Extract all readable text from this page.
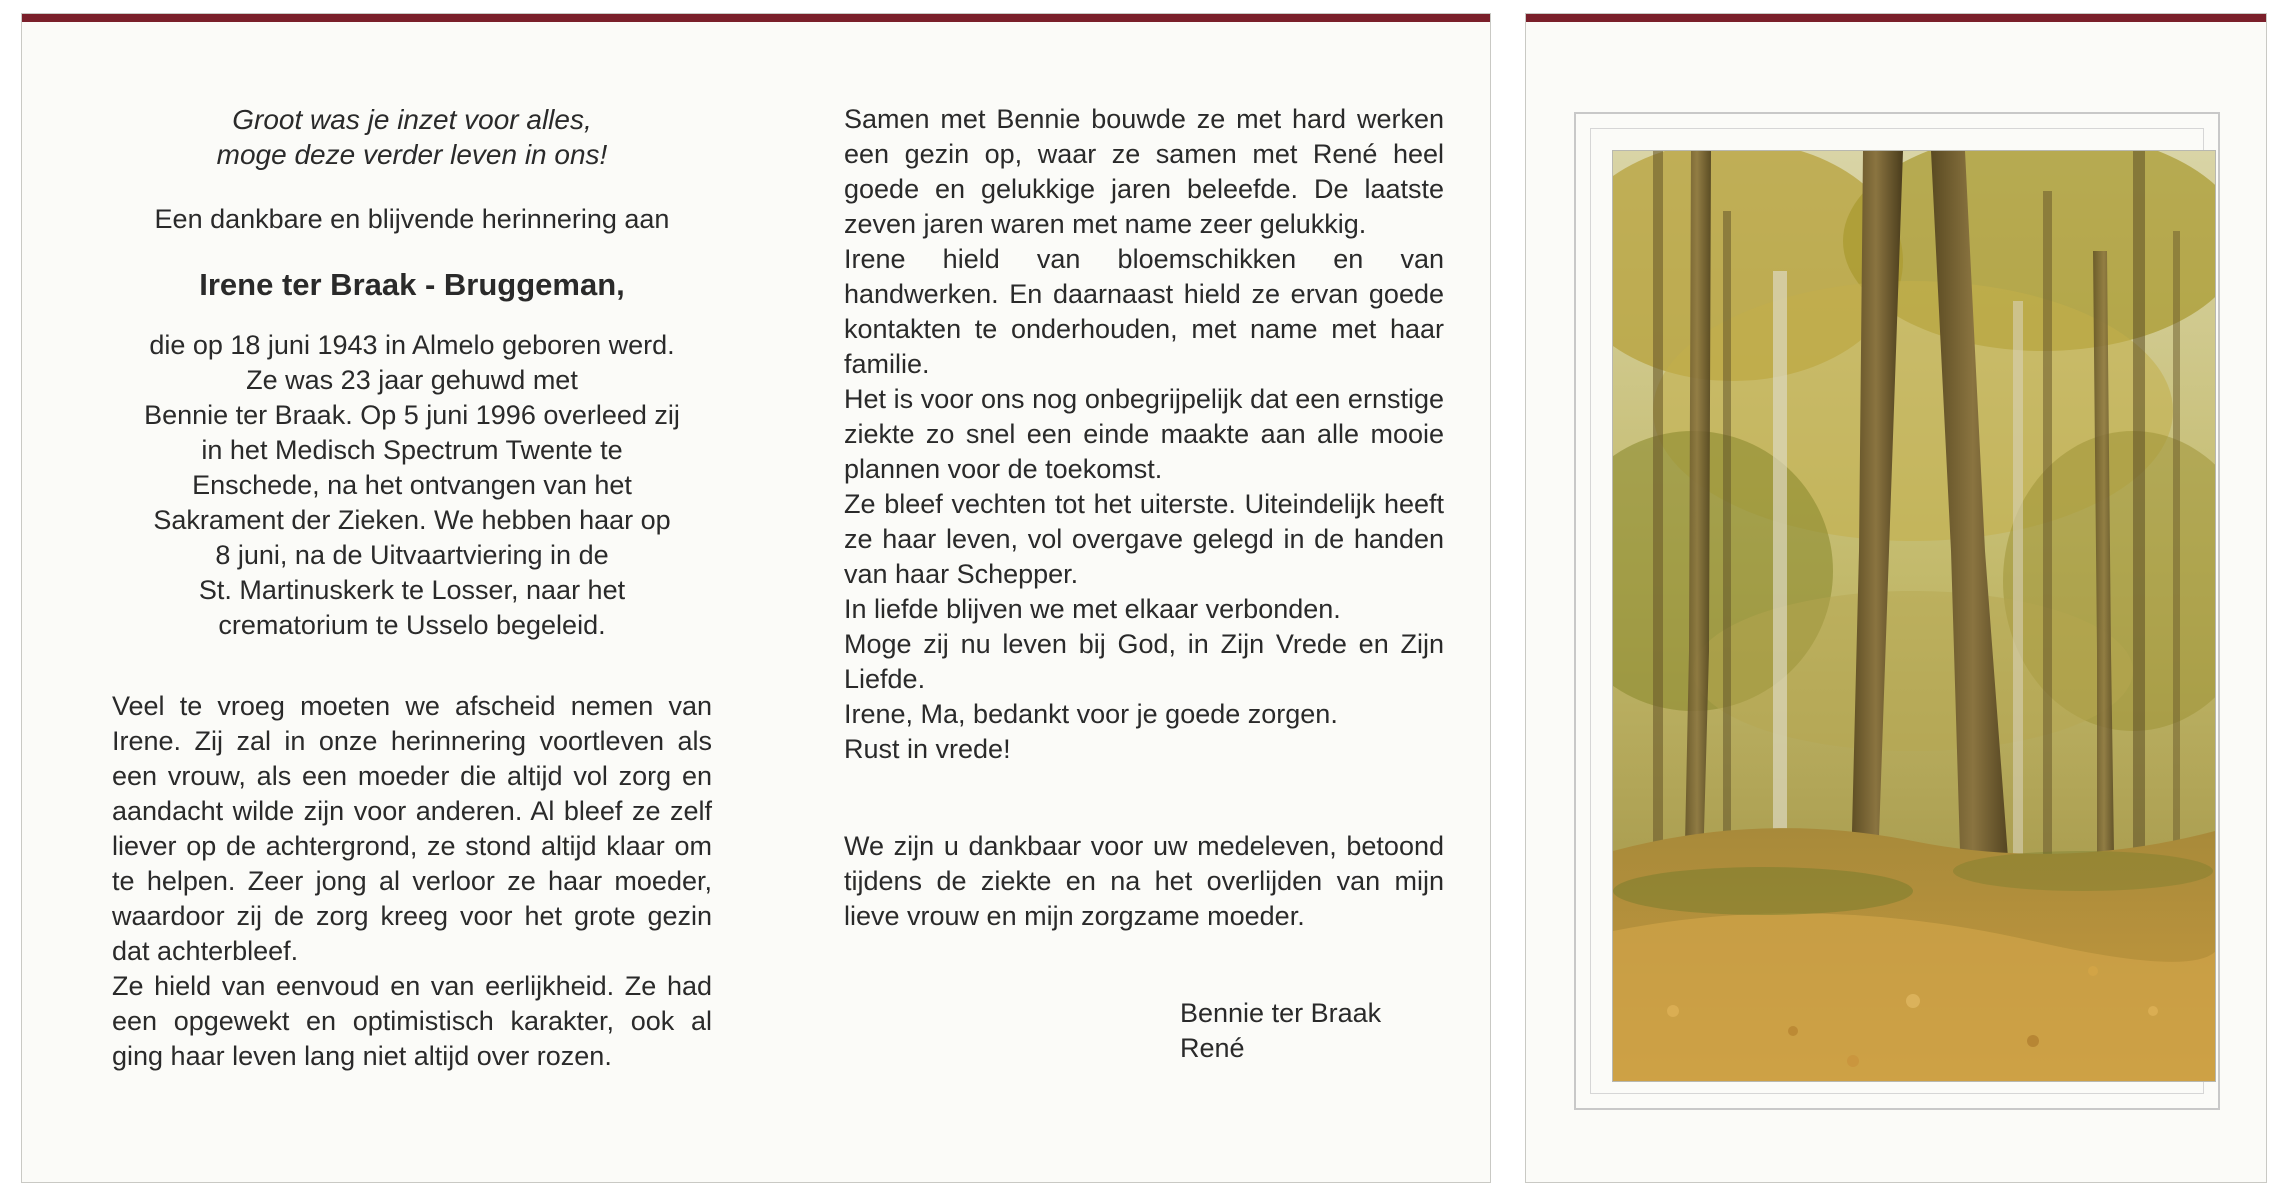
Groot was je inzet voor alles,
moge deze verder leven in ons!
Een dankbare en blijvende herinnering aan
Irene ter Braak - Bruggeman,
die op 18 juni 1943 in Almelo geboren werd.
Ze was 23 jaar gehuwd met
Bennie ter Braak. Op 5 juni 1996 overleed zij
in het Medisch Spectrum Twente te
Enschede, na het ontvangen van het
Sakrament der Zieken. We hebben haar op
8 juni, na de Uitvaartviering in de
St. Martinuskerk te Losser, naar het
crematorium te Usselo begeleid.

Veel te vroeg moeten we afscheid nemen van Irene. Zij zal in onze herinnering voortleven als een vrouw, als een moeder die altijd vol zorg en aandacht wilde zijn voor anderen. Al bleef ze zelf liever op de achtergrond, ze stond altijd klaar om te helpen. Zeer jong al verloor ze haar moeder, waardoor zij de zorg kreeg voor het grote gezin dat achterbleef.

Ze hield van eenvoud en van eerlijkheid. Ze had een opgewekt en optimistisch karakter, ook al ging haar leven lang niet altijd over rozen.

Samen met Bennie bouwde ze met hard werken een gezin op, waar ze samen met René heel goede en gelukkige jaren beleefde. De laatste zeven jaren waren met name zeer gelukkig.

Irene hield van bloemschikken en van handwerken. En daarnaast hield ze ervan goede kontakten te onderhouden, met name met haar familie.

Het is voor ons nog onbegrijpelijk dat een ernstige ziekte zo snel een einde maakte aan alle mooie plannen voor de toekomst.

Ze bleef vechten tot het uiterste. Uiteindelijk heeft ze haar leven, vol overgave gelegd in de handen van haar Schepper.

In liefde blijven we met elkaar verbonden.

Moge zij nu leven bij God, in Zijn Vrede en Zijn Liefde.

Irene, Ma, bedankt voor je goede zorgen.

Rust in vrede!

We zijn u dankbaar voor uw medeleven, betoond tijdens de ziekte en na het overlijden van mijn lieve vrouw en mijn zorgzame moeder.

Bennie ter Braak
René
